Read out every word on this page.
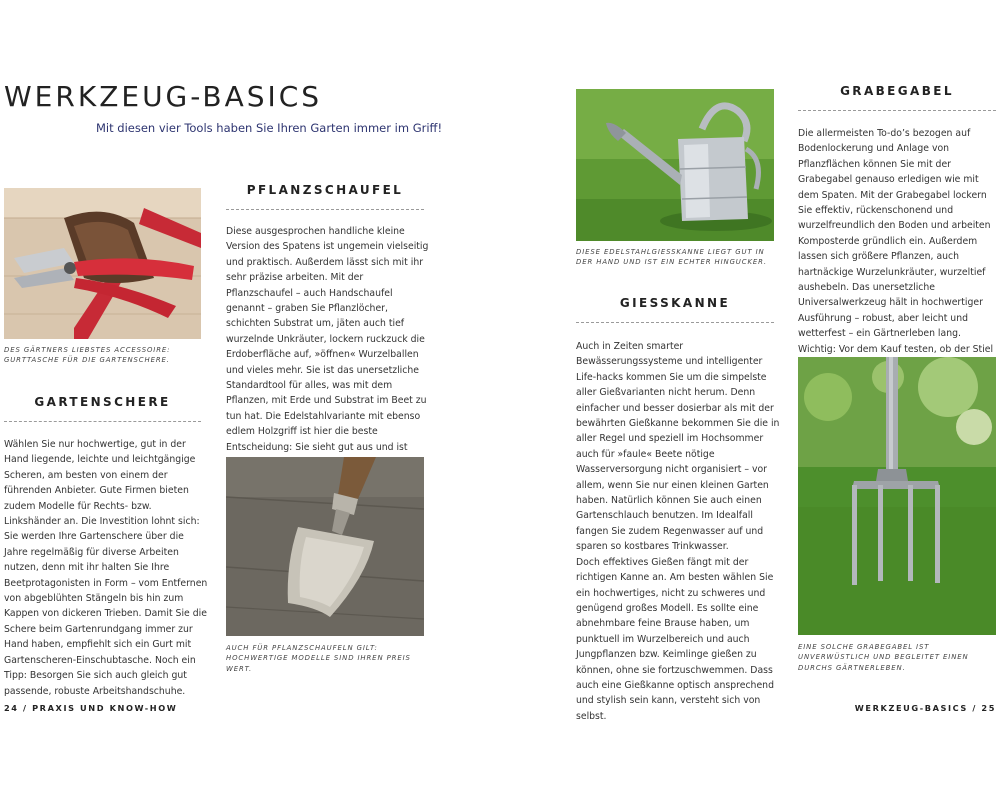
WERKZEUG-BASICS
Mit diesen vier Tools haben Sie Ihren Garten immer im Griff!

DES GÄRTNERS LIEBSTES ACCESSOIRE: GURTTASCHE FÜR DIE GARTENSCHERE.

GARTENSCHERE

Wählen Sie nur hochwertige, gut in der Hand liegende, leichte und leichtgängige Scheren, am besten von einem der führenden Anbieter. Gute Firmen bieten zudem Modelle für Rechts- bzw. Linkshänder an. Die Investition lohnt sich: Sie werden Ihre Gartenschere über die Jahre regelmäßig für diverse Arbeiten nutzen, denn mit ihr halten Sie Ihre Beetprotagonisten in Form – vom Entfernen von abgeblühten Stängeln bis hin zum Kappen von dickeren Trieben. Damit Sie die Schere beim Gartenrundgang immer zur Hand haben, empfiehlt sich ein Gurt mit Gartenscheren-Einschubtasche. Noch ein Tipp: Besorgen Sie sich auch gleich gut passende, robuste Arbeitshandschuhe.

PFLANZSCHAUFEL

Diese ausgesprochen handliche kleine Version des Spatens ist ungemein vielseitig und praktisch. Außerdem lässt sich mit ihr sehr präzise arbeiten. Mit der Pflanzschaufel – auch Handschaufel genannt – graben Sie Pflanzlöcher, schichten Substrat um, jäten auch tief wurzelnde Unkräuter, lockern ruckzuck die Erdoberfläche auf, »öffnen« Wurzelballen und vieles mehr. Sie ist das unersetzliche Standardtool für alles, was mit dem Pflanzen, mit Erde und Substrat im Beet zu tun hat. Die Edelstahlvariante mit ebenso edlem Holzgriff ist hier die beste Entscheidung: Sie sieht gut aus und ist

AUCH FÜR PFLANZSCHAUFELN GILT: HOCHWERTIGE MODELLE SIND IHREN PREIS WERT.

DIESE EDELSTAHLGIESSKANNE LIEGT GUT IN DER HAND UND IST EIN ECHTER HINGUCKER.

GIESSKANNE

Auch in Zeiten smarter Bewässerungssysteme und intelligenter Life-hacks kommen Sie um die simpelste aller Gießvarianten nicht herum. Denn einfacher und besser dosierbar als mit der bewährten Gießkanne bekommen Sie die in aller Regel und speziell im Hochsommer auch für »faule« Beete nötige Wasserversorgung nicht organisiert – vor allem, wenn Sie nur einen kleinen Garten haben. Natürlich können Sie auch einen Gartenschlauch benutzen. Im Idealfall fangen Sie zudem Regenwasser auf und sparen so kostbares Trinkwasser.

Doch effektives Gießen fängt mit der richtigen Kanne an. Am besten wählen Sie ein hochwertiges, nicht zu schweres und genügend großes Modell. Es sollte eine abnehmbare feine Brause haben, um punktuell im Wurzelbereich und auch Jungpflanzen bzw. Keimlinge gießen zu können, ohne sie fortzuschwemmen. Dass auch eine Gießkanne optisch ansprechend und stylish sein kann, versteht sich von selbst.

GRABEGABEL

Die allermeisten To-do’s bezogen auf Bodenlockerung und Anlage von Pflanzflächen können Sie mit der Grabegabel genauso erledigen wie mit dem Spaten. Mit der Grabegabel lockern Sie effektiv, rückenschonend und wurzelfreundlich den Boden und arbeiten Komposterde gründlich ein. Außerdem lassen sich größere Pflanzen, auch hartnäckige Wurzelunkräuter, wurzeltief aushebeln. Das unersetzliche Universalwerkzeug hält in hochwertiger Ausführung – robust, aber leicht und wetterfest – ein Gärtnerleben lang. Wichtig: Vor dem Kauf testen, ob der Stiel

EINE SOLCHE GRABEGABEL IST UNVERWÜSTLICH UND BEGLEITET EINEN DURCHS GÄRTNERLEBEN.

24 / PRAXIS UND KNOW-HOW	WERKZEUG-BASICS / 25
